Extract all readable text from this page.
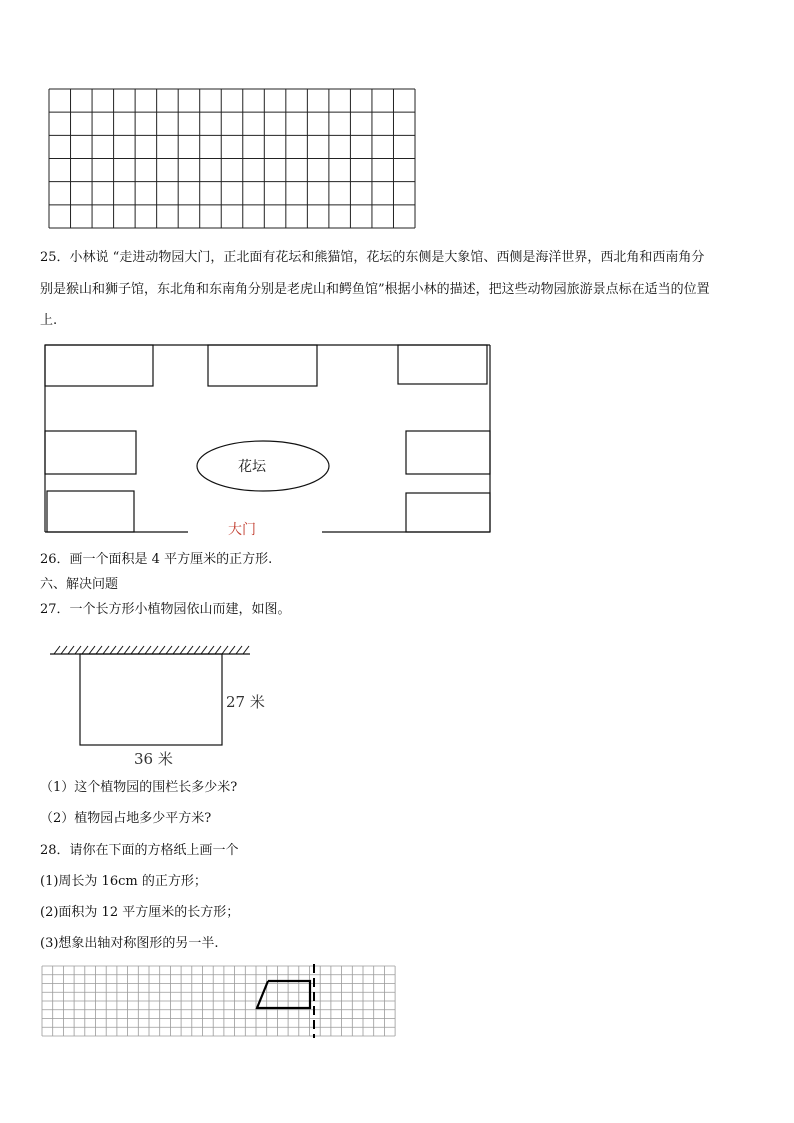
25．小林说 “走进动物园大门，正北面有花坛和熊猫馆，花坛的东侧是大象馆、西侧是海洋世界，西北角和西南角分
别是猴山和狮子馆，东北角和东南角分别是老虎山和鳄鱼馆”根据小林的描述，把这些动物园旅游景点标在适当的位置
上.
花坛
大门
26．画一个面积是 4 平方厘米的正方形.
六、解决问题
27．一个长方形小植物园依山而建，如图。
27 米
36 米
（1）这个植物园的围栏长多少米?
（2）植物园占地多少平方米?
28．请你在下面的方格纸上画一个
(1)周长为 16cm 的正方形；
(2)面积为 12 平方厘米的长方形；
(3)想象出轴对称图形的另一半.
